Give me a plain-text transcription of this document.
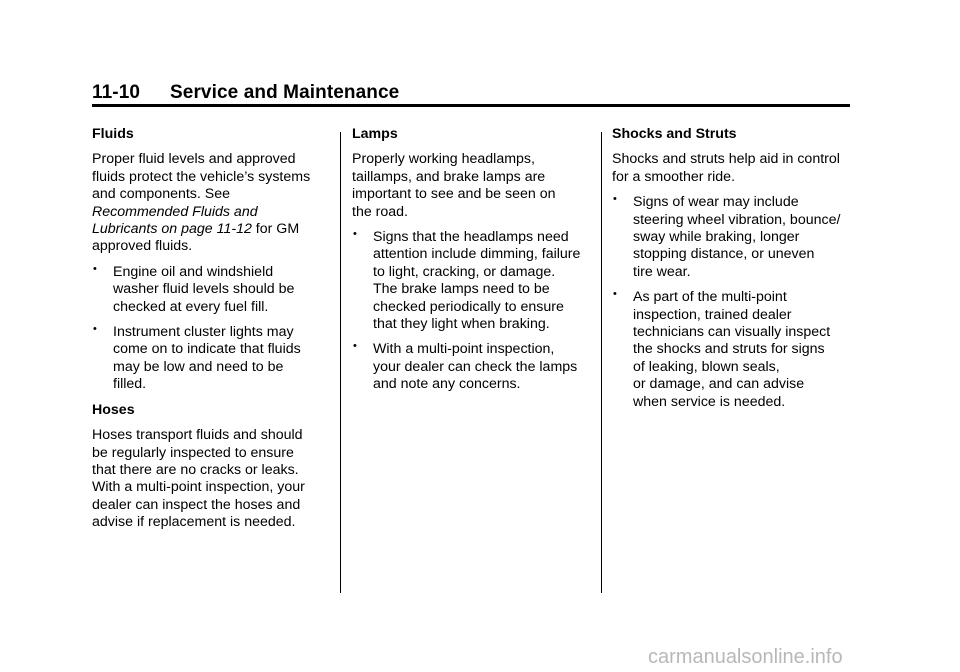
11-10 Service and Maintenance
Fluids
Proper fluid levels and approved
fluids protect the vehicle’s systems
and components. See
Recommended Fluids and
Lubricants on page 11-12 for GM
approved fluids.
• Engine oil and windshield
washer fluid levels should be
checked at every fuel fill.
• Instrument cluster lights may
come on to indicate that fluids
may be low and need to be
filled.
Hoses
Hoses transport fluids and should
be regularly inspected to ensure
that there are no cracks or leaks.
With a multi-point inspection, your
dealer can inspect the hoses and
advise if replacement is needed.
Lamps
Properly working headlamps,
taillamps, and brake lamps are
important to see and be seen on
the road.
• Signs that the headlamps need
attention include dimming, failure
to light, cracking, or damage.
The brake lamps need to be
checked periodically to ensure
that they light when braking.
• With a multi-point inspection,
your dealer can check the lamps
and note any concerns.
Shocks and Struts
Shocks and struts help aid in control
for a smoother ride.
• Signs of wear may include
steering wheel vibration, bounce/
sway while braking, longer
stopping distance, or uneven
tire wear.
• As part of the multi-point
inspection, trained dealer
technicians can visually inspect
the shocks and struts for signs
of leaking, blown seals,
or damage, and can advise
when service is needed.
carmanualsonline.info
